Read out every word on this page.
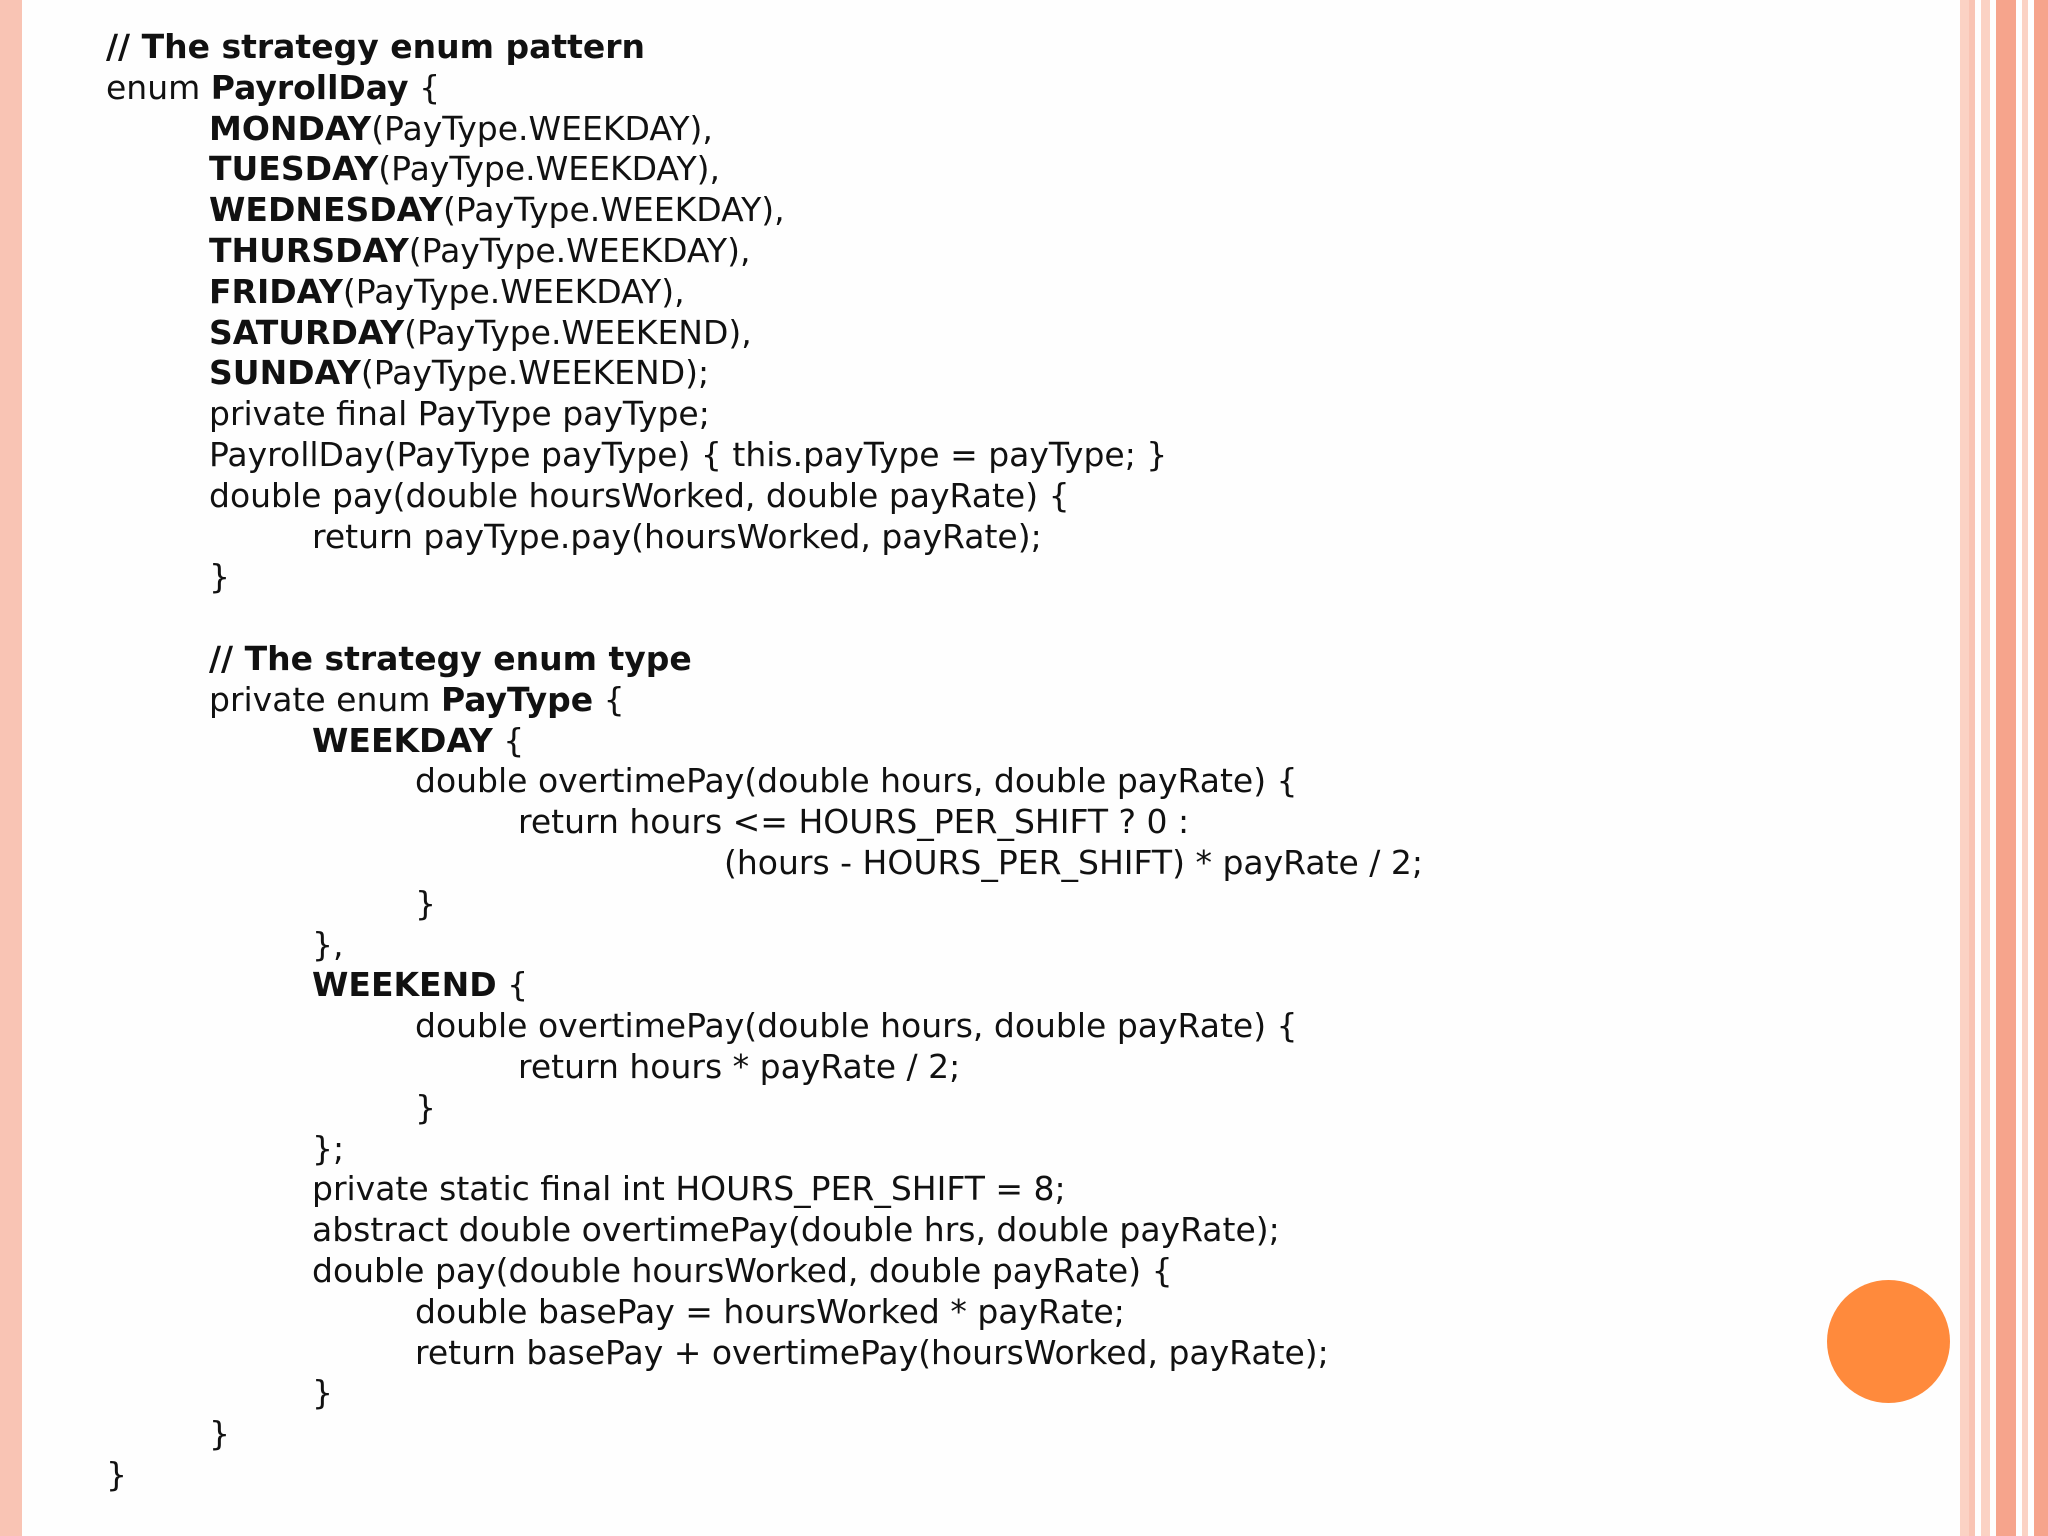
// The strategy enum pattern
enum PayrollDay {
MONDAY(PayType.WEEKDAY),
TUESDAY(PayType.WEEKDAY),
WEDNESDAY(PayType.WEEKDAY),
THURSDAY(PayType.WEEKDAY),
FRIDAY(PayType.WEEKDAY),
SATURDAY(PayType.WEEKEND),
SUNDAY(PayType.WEEKEND);
private final PayType payType;
PayrollDay(PayType payType) { this.payType = payType; }
double pay(double hoursWorked, double payRate) {
return payType.pay(hoursWorked, payRate);
}
// The strategy enum type
private enum PayType {
WEEKDAY {
double overtimePay(double hours, double payRate) {
return hours <= HOURS_PER_SHIFT ? 0 :
(hours - HOURS_PER_SHIFT) * payRate / 2;
}
},
WEEKEND {
double overtimePay(double hours, double payRate) {
return hours * payRate / 2;
}
};
private static final int HOURS_PER_SHIFT = 8;
abstract double overtimePay(double hrs, double payRate);
double pay(double hoursWorked, double payRate) {
double basePay = hoursWorked * payRate;
return basePay + overtimePay(hoursWorked, payRate);
}
}
}
